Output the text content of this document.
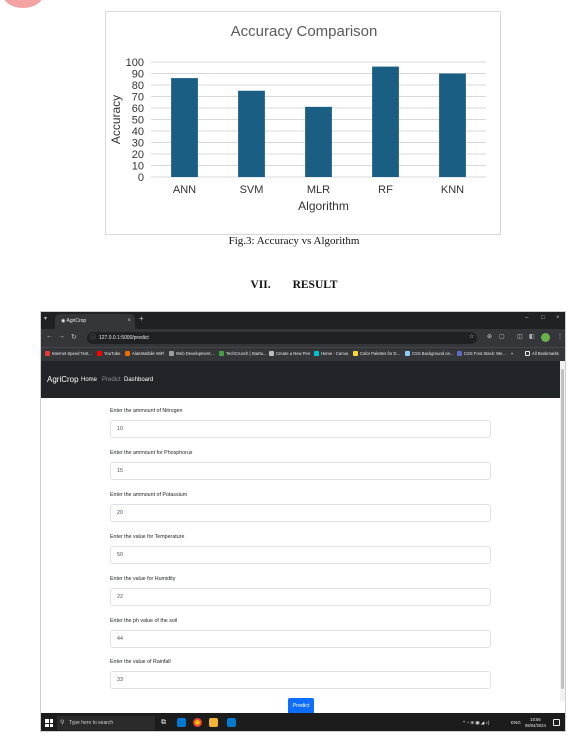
Accuracy Comparison
0
10
20
30
40
50
60
70
80
90
100
ANN	SVM	MLR	RF	KNN
Algorithm
Accuracy
Fig.3: Accuracy vs Algorithm
VII. RESULT
▾	◉ AgriCrop	× +	– □ ×
← → ↻ ⓘ 127.0.0.1:5000/predict	☆ ⊕ ▢ ◫ ◧	⋮
Internet Speed Test...	YouTube	AlansMobile WiFi	Web Development...	TechCrunch | Startu...	Create a New Pen	Home - Canva	Color Palettes for D...	CSS Background on...	CSS Font Stack: We... »	All Bookmarks
AgriCrop Home Predict Dashboard
Enter the ammount of Nitrogen
10
Enter the ammount for Phosphorus
15
Enter the ammount of Potassium
20
Enter the value for Temperature
50
Enter the value for Humidity
22
Enter the ph value of the soil
44
Enter the value of Rainfall
33
Predict
⚲ Type here to search	⧉	^ ◔ ⊕ ▣ ◢ ♪)	ENG
10:56
08/04/2024
